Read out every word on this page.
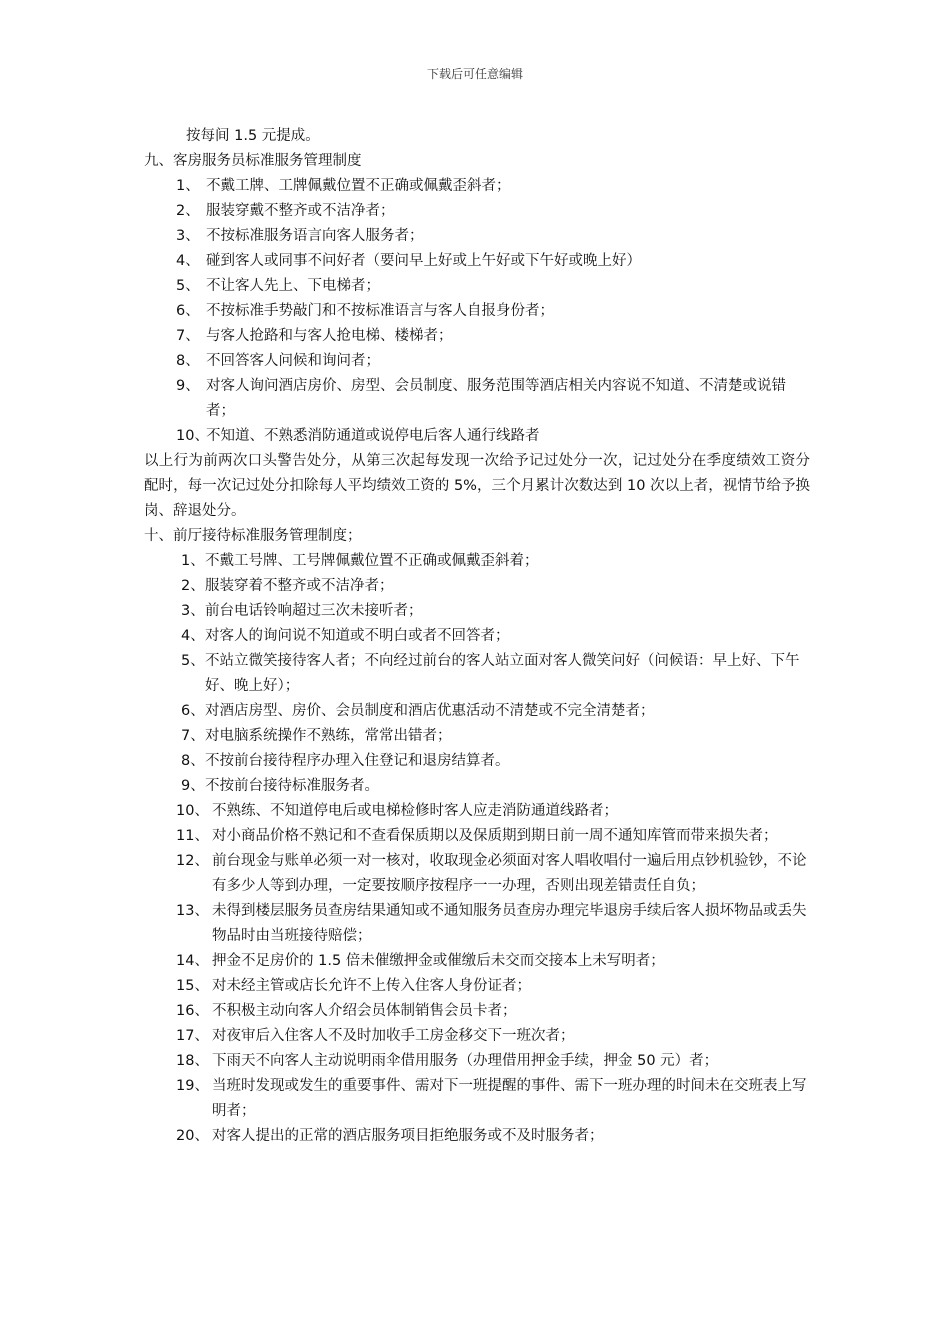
下载后可任意编辑
按每间 1.5 元提成。
九、客房服务员标准服务管理制度
1、 不戴工牌、工牌佩戴位置不正确或佩戴歪斜者；
2、 服装穿戴不整齐或不洁净者；
3、 不按标准服务语言向客人服务者；
4、 碰到客人或同事不问好者（要问早上好或上午好或下午好或晚上好）
5、 不让客人先上、下电梯者；
6、 不按标准手势敲门和不按标准语言与客人自报身份者；
7、 与客人抢路和与客人抢电梯、楼梯者；
8、 不回答客人问候和询问者；
9、 对客人询问酒店房价、房型、会员制度、服务范围等酒店相关内容说不知道、不清楚或说错者；
10、
不知道、不熟悉消防通道或说停电后客人通行线路者
以上行为前两次口头警告处分，从第三次起每发现一次给予记过处分一次，记过处分在季度绩效工资分配时，每一次记过处分扣除每人平均绩效工资的 5%，三个月累计次数达到 10 次以上者，视情节给予换岗、辞退处分。
十、前厅接待标准服务管理制度；
1、 不戴工号牌、工号牌佩戴位置不正确或佩戴歪斜着；
2、 服装穿着不整齐或不洁净者；
3、 前台电话铃响超过三次未接听者；
4、 对客人的询问说不知道或不明白或者不回答者；
5、 不站立微笑接待客人者；不向经过前台的客人站立面对客人微笑问好（问候语：早上好、下午好、晚上好）；
6、 对酒店房型、房价、会员制度和酒店优惠活动不清楚或不完全清楚者；
7、 对电脑系统操作不熟练，常常出错者；
8、 不按前台接待程序办理入住登记和退房结算者。
9、 不按前台接待标准服务者。
10、 不熟练、不知道停电后或电梯检修时客人应走消防通道线路者；
11、 对小商品价格不熟记和不查看保质期以及保质期到期日前一周不通知库管而带来损失者；
12、 前台现金与账单必须一对一核对，收取现金必须面对客人唱收唱付一遍后用点钞机验钞，不论有多少人等到办理，一定要按顺序按程序一一办理，否则出现差错责任自负；
13、 未得到楼层服务员查房结果通知或不通知服务员查房办理完毕退房手续后客人损坏物品或丢失物品时由当班接待赔偿；
14、 押金不足房价的 1.5 倍未催缴押金或催缴后未交而交接本上未写明者；
15、 对未经主管或店长允许不上传入住客人身份证者；
16、 不积极主动向客人介绍会员体制销售会员卡者；
17、 对夜审后入住客人不及时加收手工房金移交下一班次者；
18、 下雨天不向客人主动说明雨伞借用服务（办理借用押金手续，押金 50 元）者；
19、 当班时发现或发生的重要事件、需对下一班提醒的事件、需下一班办理的时间未在交班表上写明者；
20、 对客人提出的正常的酒店服务项目拒绝服务或不及时服务者；
